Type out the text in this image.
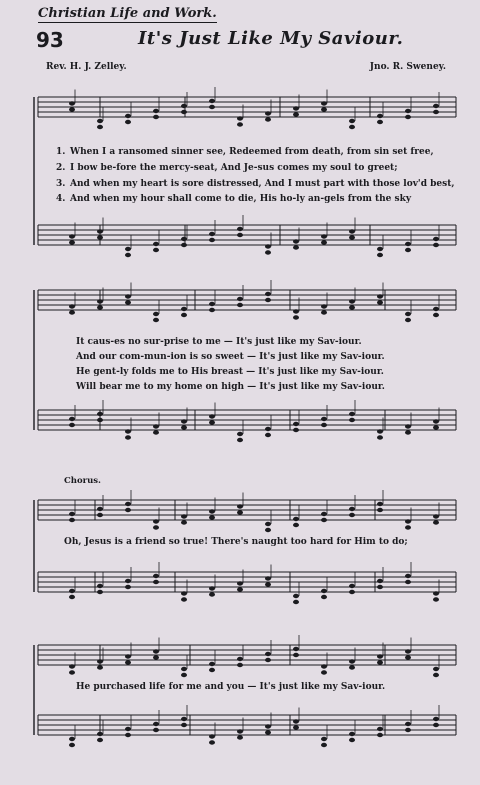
Christian Life and Work.
93	It's Just Like My Saviour.
Rev. H. J. Zelley.	Jno. R. Sweney.
1. When I a ransomed sinner see, Redeemed from death, from sin set free,
2. I bow be-fore the mercy-seat, And Je-sus comes my soul to greet;
3. And when my heart is sore distressed, And I must part with those lov'd best,
4. And when my hour shall come to die, His ho-ly an-gels from the sky
It caus-es no sur-prise to me — It's just like my Sav-iour.
And our com-mun-ion is so sweet — It's just like my Sav-iour.
He gent-ly folds me to His breast — It's just like my Sav-iour.
Will bear me to my home on high — It's just like my Sav-iour.
Chorus.
Oh, Jesus is a friend so true! There's naught too hard for Him to do;
He purchased life for me and you — It's just like my Sav-iour.
